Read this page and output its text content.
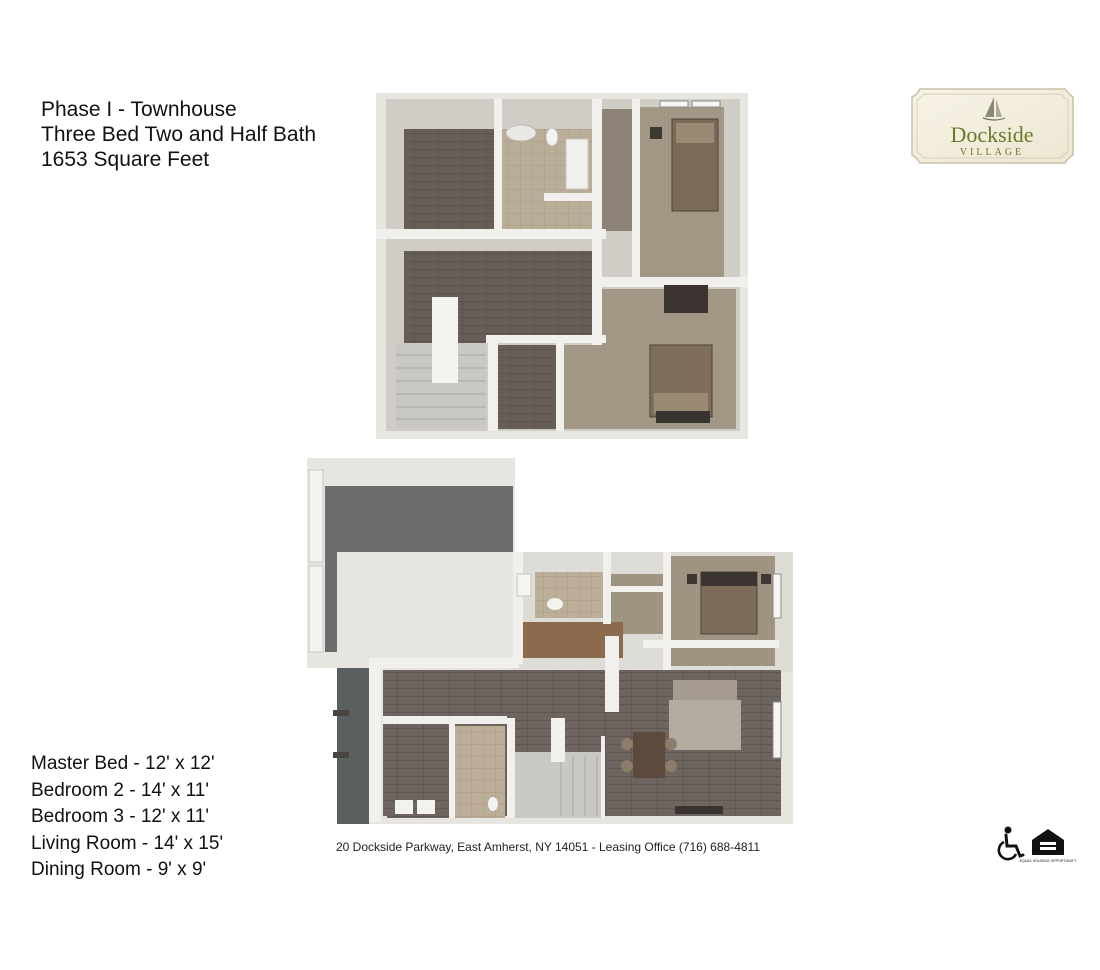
Phase I - Townhouse
Three Bed Two and Half Bath
1653 Square Feet
Dockside
VILLAGE
Master Bed - 12' x 12'
Bedroom 2 - 14' x 11'
Bedroom 3 - 12' x 11'
Living Room - 14' x 15'
Dining Room - 9' x 9'
20 Dockside Parkway, East Amherst, NY 14051 - Leasing Office (716) 688-4811
EQUAL HOUSING OPPORTUNITY
